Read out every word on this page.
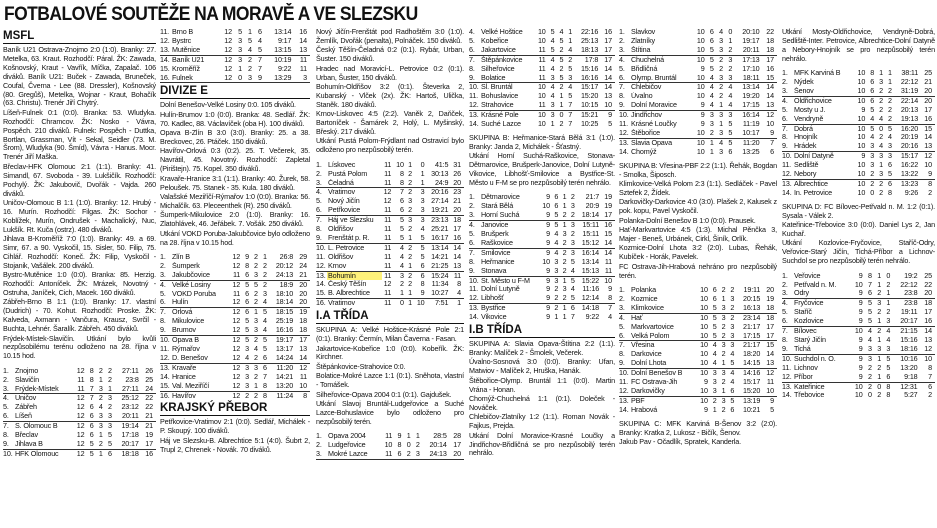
FOTBALOVÉ SOUTĚŽE NA MORAVĚ A VE SLEZSKU
MSFL
Baník U21 Ostrava-Znojmo 2:0 (1:0). Branky: 27. Metelka, 63. Kraut. Rozhodčí: Páral. ŽK: Zawada, Košnovský, Kraut - Vavřík, Míčka, Zapalač. 106 diváků. Baník U21: Buček - Zawada, Bruneček, Coufal, Čverna - Lee (88. Dressler), Košnovský (80. Gregůš), Metelka, Wojnar - Kraut, Bohačík (63. Christu). Trenér Jiří Chytrý.
Líšeň-Fulnek 0:1 (0:0). Branka: 53. Wludyka. Rozhodčí: Chramcov. ŽK: Nosko - Vávra, Pospěch. 210 diváků. Fulnek: Pospěch - Duttka, Bortlan, Grassman, Vít - Sekal, Seidler (73. M. Šrom), Wludyka (90. Šmíd), Vávra - Hanus. Mocr. Trenér Jiří Maška.
Břeclav-HFK Olomouc 2:1 (1:1). Branky: 41. Simandl, 67. Svoboda - 39. Lukšičík. Rozhodčí: Pochylý. ŽK: Jakubovič, Dvořák - Vajda. 260 diváků.
Uničov-Olomouc B 1:1 (1:0). Branky: 12. Hrubý - 16. Murín. Rozhodčí: Filgas. ŽK: Sochor - Koblížek, Murín, Ondrušek - Machalický, Nuc, Lukšík. Rt. Kuča (ostrz). 480 diváků.
Jihlava B-Kroměříž 7:0 (1:0). Branky: 49. a 69. Simr, 67. a 90. Vyskočil, 15. Sisler, 50. Filip, 75. Cihlář. Rozhodčí: Koneč. ŽK: Filip, Vyskočil - Stojanik, Vašálek. 200 diváků.
Bystrc-Mutěnice 1:0 (0:0). Branka: 85. Herzig. Rozhodčí: Antoníček. ŽK: Mrázek, Novotný - Ostruha, Janíček, Cich, Macek. 160 diváků.
Zábřeh-Brno B 1:1 (1:0). Branky: 17. vlastní (Dudrich) - 70. Kohut. Rozhodčí: Proske. ŽK: Kalveda, Axmann - Vančura, Krausz, Svrčil - Buchta, Lehnér. Šaralík. Zábřeh. 450 diváků.
Frýdek-Místek-Slavičín. Utkání bylo kvůli nezpůsobilému terénu odloženo na 28. října v 10.15 hod.
1.	Znojmo	12	8	2	2	27:11	26
2.	Slavičín	11	8	1	2	23:8	25
3.	Frýdek-Místek	11	7	3	1	27:11	24
4.	Uničov	12	7	2	3	25:12	22
5.	Zábřeh	12	6	4	2	23:12	22
6.	Líšeň	12	6	3	3	20:11	21
7.	S. Olomouc B	12	6	3	3	19:14	21
8.	Břeclav	12	6	1	5	17:18	19
9.	Jihlava B	12	5	2	5	20:17	17
10.	HFK Olomouc	12	5	1	6	18:18	16
11.	Brno B	12	5	1	6	13:14	16
12.	Bystrc	12	3	5	4	9:17	14
13.	Mutěnice	12	3	4	5	13:15	13
14.	Baník U21	12	3	2	7	10:19	11
15.	Kroměříž	12	1	2	7	9:22	11
16.	Fulnek	12	0	3	9	13:29	3
DIVIZE E
Dolní Benešov-Velké Losiny 0:0. 105 diváků.
Hulín-Brumov 1:0 (0:0). Branka: 48. Sedlář. ŽK: 70. Kadlec, 88. Václavíček (oba H). 100 diváků.
Opava B-Zlín B 3:0 (3:0). Branky: 25. a 38. Breckovec, 26. Ptáček. 150 diváků.
Havířov-Orlová 0:3 (0:2). 25. T. Večerek, 35. Navrátil, 45. Novotný. Rozhodčí: Zapletal (Pirištejn). 75. Kopel. 350 diváků.
Kravaře-Hranice 3:1 (1:1). Branky: 40. Žurek, 58. Peloušek. 75. Stanek - 35. Kula. 180 diváků.
Valašské Meziříčí-Rýmařov 1:0 (0:0). Branka: 56. Michalčík. 63. Pleceenthek (R). 250 diváků.
Šumperk-Mikulovice 2:0 (1:0). Branky: 16. Zlatohlávek, 46. Jeřábek. 7. Vošák. 250 diváků.
Utkání VOKD Poruba-Jakubčovice bylo odloženo na 28. října v 10.15 hod.
1.	Zlín B	12	9	2	1	26:8	29
2.	Šumperk	12	8	2	2	20:12	24
3.	Jakubčovice	11	6	3	2	24:13	21
4.	Velké Losiny	12	5	5	2	18:9	20
5.	VOKD Poruba	11	6	2	3	18:10	20
6.	Hulín	12	6	2	4	18:14	20
7.	Orlová	12	6	1	5	18:15	19
8.	Mikulovice	12	5	3	4	25:19	18
9.	Brumov	12	5	3	4	16:16	18
10.	Opava B	12	5	2	5	19:17	17
11.	Rýmařov	12	3	4	5	13:17	13
12.	D. Benešov	12	4	2	6	14:24	14
13.	Kravaře	12	3	3	6	11:20	12
14.	Hranice	12	3	2	7	14:21	11
15.	Val. Meziříčí	12	3	1	8	13:20	10
16.	Havířov	12	2	2	8	11:24	8
KRAJSKÝ PŘEBOR
Petřkovice-Vratimov 2:1 (0:0). Sedlář, Michálek - P. Skoupý. 100 diváků.
Háj ve Slezsku-B. Albrechtice 5:1 (4:0). Šubrt 2, Trupl 2, Chrenek - Novák. 70 diváků.
Nový Jičín-Frenštát pod Radhoštěm 3:0 (1:0). Žemlík, Dvořák (penalta), Polnáček. 150 diváků.
Český Těšín-Čeladná 0:2 (0:1). Rybár, Urban, Šuster. 150 diváků.
Hradec nad Moravicí-L. Petrovice 0:2 (0:1). Urban, Šuster, 150 diváků.
Bohumín-Oldřišov 3:2 (0:1). Števerka 2, Kubanský - Vlček (2x). ŽK: Hartoš, Ulička, Staněk. 180 diváků.
Krnov-Liskovec 4:5 (2:2). Vaněk 2, Daňček, Bartoníček - Šamárek 2, Holý, L. Myšinský, Břeský. 217 diváků.
Utkání Pustá Polom-Frýdlant nad Ostravicí bylo odloženo pro nezpůsobilý terén.
1.	Lískovec	11	10	1	0	41:5	31
2.	Pustá Polom	11	8	2	1	30:13	26
3.	Čeladná	11	8	2	1	24:9	20
4.	Vratimov	12	7	2	3	20:16	23
5.	Nový Jičín	12	6	3	3	27:14	21
6.	Petřkovice	11	6	2	3	19:21	20
7.	Háj ve Slezsku	11	5	3	3	23:13	18
8.	Oldřišov	11	5	2	4	25:21	17
9.	Frenštát p. R.	11	5	1	5	16:17	16
10.	L. Petrovice	11	4	2	5	13:14	14
11.	Oldřišov	11	4	2	5	14:21	14
12.	Krnov	11	4	1	6	21:25	13
13.	Bohumín	11	3	2	6	15:24	11
14.	Český Těšín	12	2	2	8	11:34	8
15.	B. Albrechtice	11	1	1	9	10:27	4
16.	Vratimov	11	0	1	10	7:51	1
I.A TŘÍDA
SKUPINA A: Velké Hoštice-Krásné Pole 2:1 (0:1). Branky: Čermín, Milan Čaverna - Fasan.
Jakartovice-Kobeřice 1:0 (0:0). Kobeřík. ŽK: Kirchner.
Štěpánkovice-Strahovice 0:0.
Bolatice-Mokré Lazce 1:1 (0:1). Sněhota, vlastní - Tomášek.
Silheřovice-Opava 2004 0:1 (0:1). Gajdušek.
Utkání Slavoj Bruntál-Ludgeřovice a Suché Lazce-Bohuslavice bylo odloženo pro nezpůsobilý terén.
1.	Opava 2004	11	9	1	1	28:5	28
2.	Ludgeřovice	10	8	0	2	20:14	17
3.	Mokré Lazce	11	6	2	3	24:13	20
4.	Velké Hoštice	10	5	4	1	22:16	16
5.	Kobeřice	10	4	5	1	25:13	17
6.	Jakartovice	11	5	2	4	18:13	17
7.	Štěpánkovice	11	4	5	2	17:8	17
8.	Silheřovice	11	4	2	5	15:16	14
9.	Bolatice	11	3	5	3	16:16	14
10.	Sl. Bruntál	10	4	2	4	15:17	14
11.	Bohuslavice	10	4	1	5	15:20	13
12.	Strahovice	11	3	1	7	10:15	10
13.	Krásné Pole	10	3	0	7	15:21	9
14.	Suché Lazce	10	1	2	7	10:25	5
SKUPINA B: Heřmanice-Stará Bělá 3:1 (1:0). Branky: Janda 2, Michálek - Šťastný.
Utkání Horní Suchá-Raškovice, Stonava-Dětmarovice, Brušperk-Janovice, Dolní Lutyně-Vikovice, Libhošť-Smilovice a Bystřice-St. Město u F-M se pro nezpůsobilý terén nehrálo.
1.	Dětmarovice	9	6	1	2	21:7	19
2.	Stará Bělá	10	6	1	3	20:9	19
3.	Horní Suchá	9	5	2	2	18:14	17
4.	Janovice	9	5	1	3	15:11	16
5.	Brušperk	9	4	3	2	15:11	15
6.	Raškovice	9	4	2	3	15:12	14
7.	Smilovice	9	4	2	3	16:14	14
8.	Heřmanice	10	3	2	5	13:14	11
9.	Stonava	9	3	2	4	15:13	11
10.	St. Město u F-M	9	3	1	5	15:22	10
11.	Dolní Lutyně	9	2	3	4	11:16	9
12.	Libhošť	9	2	2	5	12:14	8
13.	Bystřice	9	2	1	6	14:18	7
14.	Vikovice	9	1	1	7	9:22	4
I.B TŘÍDA
SKUPINA A: Slavia Opava-Štítina 2:2 (1:1). Branky: Malíček 2 - Šmolek, Večerek.
Úvalno-Sosnová 3:0 (0:0). Branky: Ufan, Matwiov - Malíček 2, Hruška, Hanák.
Štěbořice-Olymp. Bruntál 1:1 (0:0). Martin Vrána - Honan.
Chomýž-Chuchelná 1:1 (0:1). Doleček - Nováček.
Chlebičov-Zlatníky 1:2 (1:1). Roman Novák - Fajkus, Prejda.
Utkání Dolní Moravice-Krasné Loučky a Jindřichov-Břidličná se pro nezpůsobilý terén nehrálo.
1.	Slavkov	10	6	4	0	20:10	22
2.	Zlatníky	10	6	3	1	19:17	18
3.	Štítina	10	5	3	2	20:11	18
4.	Chuchelná	10	5	2	3	17:13	17
5.	Břidličná	9	5	2	2	17:10	16
6.	Olymp. Bruntál	10	4	3	3	18:11	15
7.	Chlebičov	10	4	2	4	13:14	14
8.	Úvalno	10	4	2	4	19:20	14
9.	Dolní Moravice	9	4	1	4	17:15	13
10.	Jindřichov	9	3	3	3	16:14	12
11.	Krásné Loučky	9	3	1	5	11:19	10
12.	Štěbořice	10	2	3	5	10:17	9
13.	Slavia Opava	10	1	4	5	11:20	7
14.	Chomýž	10	1	3	6	13:25	6
SKUPINA B: Vřesina-PBF 2:2 (1:1). Řehák, Bogdan - Smolka, Šiposch.
Klimkovice-Velká Polom 2:3 (1:1). Sedláček - Pavel Sztefek 2, Žídek.
Darkovičky-Darkovice 4:0 (3:0). Plašek 2, Kalusek z pok. kopu, Pavel Vyskočil.
Polanka-Dolní Benešov B 1:0 (0:0). Prausek.
Hať-Markvartovice 4:5 (1:3). Michal Pěnčka 3, Majer - Beneš, Urbánek, Cirkl, Šiník, Orlík.
Kozmice-Dolní Lhota 3:2 (2:0). Lubas, Řehák, Kubíček - Horák, Pavelek.
FC Ostrava-Jih-Hrabová nehráno pro nezpůsobilý terén.
1.	Polanka	10	6	2	2	19:11	20
2.	Kozmice	10	6	1	3	20:15	19
3.	Klimkovice	10	5	3	2	16:13	18
4.	Hať	10	5	3	2	23:14	18
5.	Markvartovice	10	5	2	3	21:17	17
6.	Velká Polom	10	5	2	3	17:15	17
7.	Vřesina	10	4	3	3	21:17	15
8.	Darkovice	10	4	2	4	18:20	14
9.	Dolní Lhota	10	4	1	5	14:15	13
10.	Dolní Benešov B	10	3	3	4	14:16	12
11.	FC Ostrava-Jih	9	3	2	4	15:17	11
12.	Darkovičky	10	3	1	6	15:20	10
13.	PBF	10	2	3	5	13:19	9
14.	Hrabová	9	1	2	6	10:21	5
SKUPINA C: MFK Karviná B-Šenov 3:2 (2:0). Branky: Kratka 2, Lukosz - Bičík, Šenov.
Jakub Pav - Očadlík, Spratek, Kanderla.
Utkání Mosty-Oldřichovice, Vendryně-Dobrá, Sedliště-Inter. Petrovice, Albrechtice-Dolní Datyně a Nebory-Hnojník se pro nezpůsobilý terén nehrálo.
1.	MFK Karviná B	10	8	1	1	38:11	25
2.	Nýdek	10	6	3	1	22:12	21
3.	Šenov	10	6	2	2	31:19	20
4.	Oldřichovice	10	6	2	2	22:14	20
5.	Mosty u J.	9	5	2	2	20:13	17
6.	Vendryně	10	4	4	2	19:13	16
7.	Dobrá	10	5	0	5	16:20	15
8.	Hnojník	10	4	2	4	20:19	14
9.	Hrádek	10	3	4	3	20:16	13
10.	Dolní Datyně	9	3	3	3	15:17	12
11.	Sedliště	10	3	1	6	16:22	10
12.	Nebory	10	2	3	5	13:22	9
13.	Albrechtice	10	2	2	6	13:23	8
14.	In. Petrovice	10	0	2	8	9:26	2
SKUPINA D: FC Bílovec-Petřvald n. M. 1:2 (0:1). Sysala - Válek 2.
Kateřinice-Třebovice 3:0 (0:0). Daniel Lys 2, Jan Kuchař.
Utkání Kozlovice-Fryčovice, Staříč-Odry, Veřovice-Starý Jičín, Tichá-Příbor a Lichnov-Suchdol se pro nezpůsobilý terén nehrálo.
1.	Veřovice	9	8	1	0	19:2	25
2.	Petřvald n. M.	10	7	1	2	22:12	22
3.	Odry	9	6	2	1	23:8	20
4.	Fryčovice	9	5	3	1	23:8	18
5.	Staříč	9	5	2	2	19:11	17
6.	Kozlovice	9	5	1	3	20:17	16
7.	Bílovec	10	4	2	4	21:15	14
8.	Starý Jičín	9	4	1	4	15:16	13
9.	Tichá	9	3	3	3	18:16	12
10.	Suchdol n. O.	9	3	1	5	10:16	10
11.	Lichnov	9	2	2	5	13:20	8
12.	Příbor	9	2	1	6	9:18	7
13.	Kateřinice	10	2	0	8	12:31	6
14.	Třebovice	10	0	2	8	5:27	2
